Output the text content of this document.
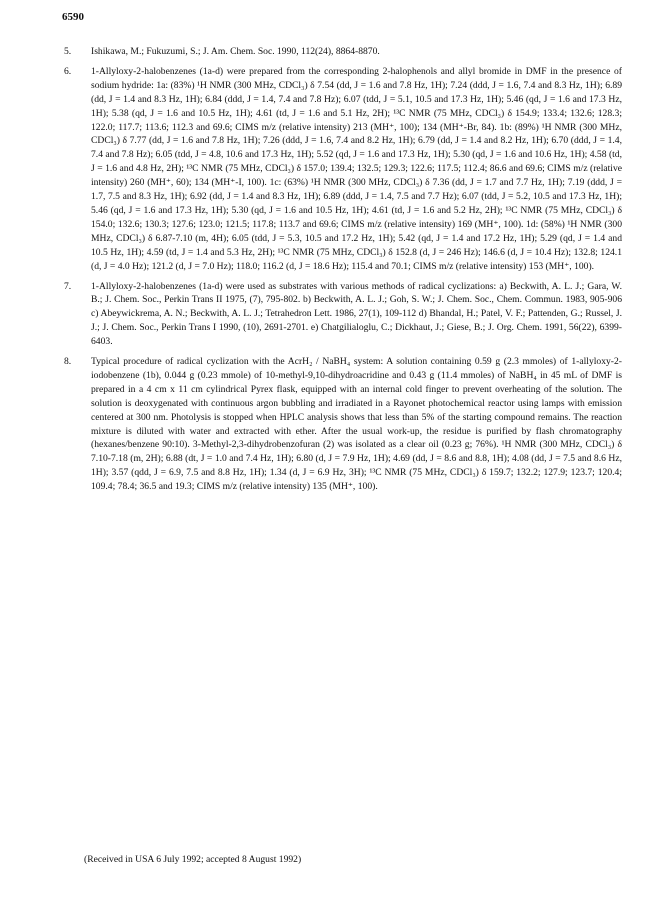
6590
5.	Ishikawa, M.; Fukuzumi, S.; J. Am. Chem. Soc. 1990, 112(24), 8864-8870.
6.	1-Allyloxy-2-halobenzenes (1a-d) were prepared from the corresponding 2-halophenols and allyl bromide in DMF in the presence of sodium hydride: 1a: (83%) ¹H NMR (300 MHz, CDCl₃) δ 7.54 (dd, J = 1.6 and 7.8 Hz, 1H); 7.24 (ddd, J = 1.6, 7.4 and 8.3 Hz, 1H); 6.89 (dd, J = 1.4 and 8.3 Hz, 1H); 6.84 (ddd, J = 1.4, 7.4 and 7.8 Hz); 6.07 (tdd, J = 5.1, 10.5 and 17.3 Hz, 1H); 5.46 (qd, J = 1.6 and 17.3 Hz, 1H); 5.38 (qd, J = 1.6 and 10.5 Hz, 1H); 4.61 (td, J = 1.6 and 5.1 Hz, 2H); ¹³C NMR (75 MHz, CDCl₃) δ 154.9; 133.4; 132.6; 128.3; 122.0; 117.7; 113.6; 112.3 and 69.6; CIMS m/z (relative intensity) 213 (MH⁺, 100); 134 (MH⁺-Br, 84). 1b: (89%) ¹H NMR (300 MHz, CDCl₃) δ 7.77 (dd, J = 1.6 and 7.8 Hz, 1H); 7.26 (ddd, J = 1.6, 7.4 and 8.2 Hz, 1H); 6.79 (dd, J = 1.4 and 8.2 Hz, 1H); 6.70 (ddd, J = 1.4, 7.4 and 7.8 Hz); 6.05 (tdd, J = 4.8, 10.6 and 17.3 Hz, 1H); 5.52 (qd, J = 1.6 and 17.3 Hz, 1H); 5.30 (qd, J = 1.6 and 10.6 Hz, 1H); 4.58 (td, J = 1.6 and 4.8 Hz, 2H); ¹³C NMR (75 MHz, CDCl₃) δ 157.0; 139.4; 132.5; 129.3; 122.6; 117.5; 112.4; 86.6 and 69.6; CIMS m/z (relative intensity) 260 (MH⁺, 60); 134 (MH⁺-I, 100). 1c: (63%) ¹H NMR (300 MHz, CDCl₃) δ 7.36 (dd, J = 1.7 and 7.7 Hz, 1H); 7.19 (ddd, J = 1.7, 7.5 and 8.3 Hz, 1H); 6.92 (dd, J = 1.4 and 8.3 Hz, 1H); 6.89 (ddd, J = 1.4, 7.5 and 7.7 Hz); 6.07 (tdd, J = 5.2, 10.5 and 17.3 Hz, 1H); 5.46 (qd, J = 1.6 and 17.3 Hz, 1H); 5.30 (qd, J = 1.6 and 10.5 Hz, 1H); 4.61 (td, J = 1.6 and 5.2 Hz, 2H); ¹³C NMR (75 MHz, CDCl₃) δ 154.0; 132.6; 130.3; 127.6; 123.0; 121.5; 117.8; 113.7 and 69.6; CIMS m/z (relative intensity) 169 (MH⁺, 100). 1d: (58%) ¹H NMR (300 MHz, CDCl₃) δ 6.87-7.10 (m, 4H); 6.05 (tdd, J = 5.3, 10.5 and 17.2 Hz, 1H); 5.42 (qd, J = 1.4 and 17.2 Hz, 1H); 5.29 (qd, J = 1.4 and 10.5 Hz, 1H); 4.59 (td, J = 1.4 and 5.3 Hz, 2H); ¹³C NMR (75 MHz, CDCl₃) δ 152.8 (d, J = 246 Hz); 146.6 (d, J = 10.4 Hz); 132.8; 124.1 (d, J = 4.0 Hz); 121.2 (d, J = 7.0 Hz); 118.0; 116.2 (d, J = 18.6 Hz); 115.4 and 70.1; CIMS m/z (relative intensity) 153 (MH⁺, 100).
7.	1-Allyloxy-2-halobenzenes (1a-d) were used as substrates with various methods of radical cyclizations: a) Beckwith, A. L. J.; Gara, W. B.; J. Chem. Soc., Perkin Trans II 1975, (7), 795-802. b) Beckwith, A. L. J.; Goh, S. W.; J. Chem. Soc., Chem. Commun. 1983, 905-906 c) Abeywickrema, A. N.; Beckwith, A. L. J.; Tetrahedron Lett. 1986, 27(1), 109-112 d) Bhandal, H.; Patel, V. F.; Pattenden, G.; Russel, J. J.; J. Chem. Soc., Perkin Trans I 1990, (10), 2691-2701. e) Chatgilialoglu, C.; Dickhaut, J.; Giese, B.; J. Org. Chem. 1991, 56(22), 6399-6403.
8.	Typical procedure of radical cyclization with the AcrH₂ / NaBH₄ system: A solution containing 0.59 g (2.3 mmoles) of 1-allyloxy-2-iodobenzene (1b), 0.044 g (0.23 mmole) of 10-methyl-9,10-dihydroacridine and 0.43 g (11.4 mmoles) of NaBH₄ in 45 mL of DMF is prepared in a 4 cm x 11 cm cylindrical Pyrex flask, equipped with an internal cold finger to prevent overheating of the solution. The solution is deoxygenated with continuous argon bubbling and irradiated in a Rayonet photochemical reactor using lamps with emission centered at 300 nm. Photolysis is stopped when HPLC analysis shows that less than 5% of the starting compound remains. The reaction mixture is diluted with water and extracted with ether. After the usual work-up, the residue is purified by flash chromatography (hexanes/benzene 90:10). 3-Methyl-2,3-dihydrobenzofuran (2) was isolated as a clear oil (0.23 g; 76%). ¹H NMR (300 MHz, CDCl₃) δ 7.10-7.18 (m, 2H); 6.88 (dt, J = 1.0 and 7.4 Hz, 1H); 6.80 (d, J = 7.9 Hz, 1H); 4.69 (dd, J = 8.6 and 8.8, 1H); 4.08 (dd, J = 7.5 and 8.6 Hz, 1H); 3.57 (qdd, J = 6.9, 7.5 and 8.8 Hz, 1H); 1.34 (d, J = 6.9 Hz, 3H); ¹³C NMR (75 MHz, CDCl₃) δ 159.7; 132.2; 127.9; 123.7; 120.4; 109.4; 78.4; 36.5 and 19.3; CIMS m/z (relative intensity) 135 (MH⁺, 100).
(Received in USA 6 July 1992; accepted 8 August 1992)
